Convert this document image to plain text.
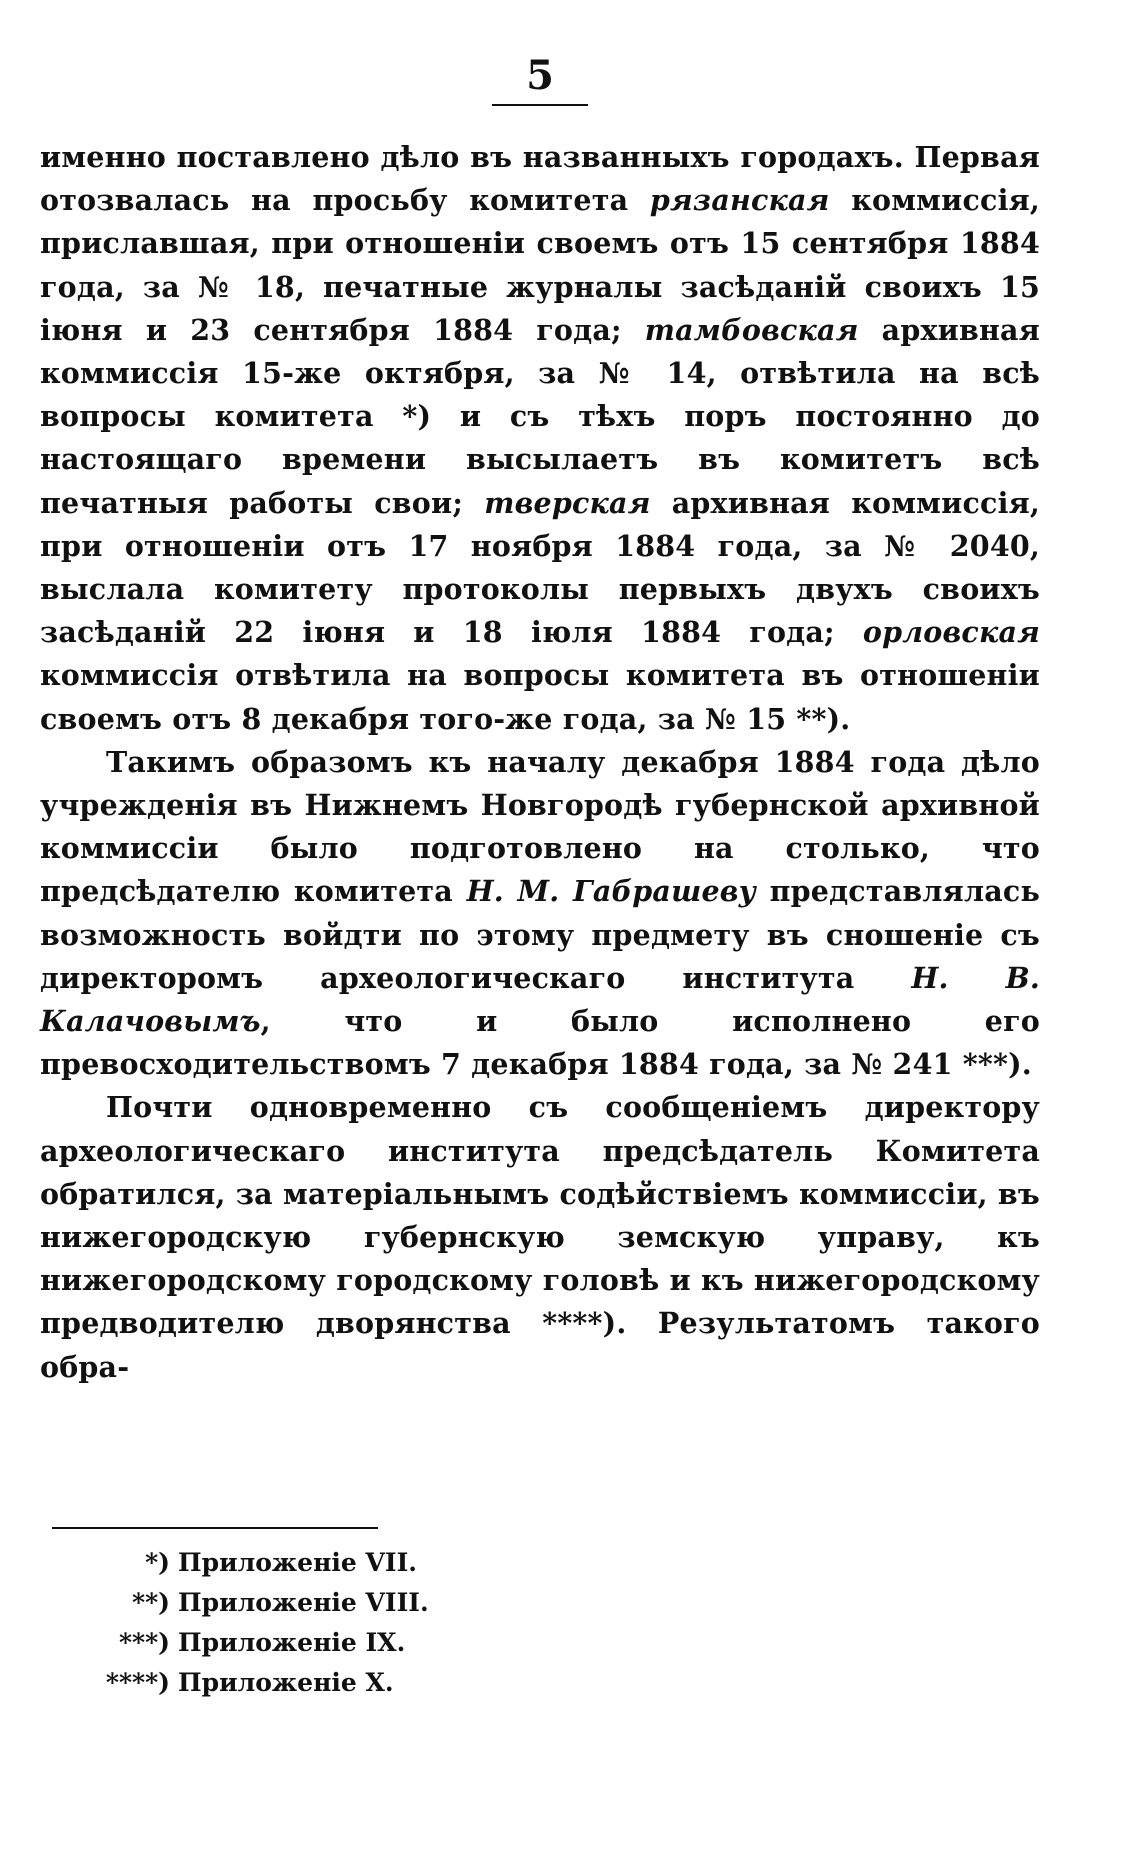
5

именно поставлено дѣло въ названныхъ городахъ. Первая отозвалась на просьбу комитета рязанская коммиссія, приславшая, при отношеніи своемъ отъ 15 сентября 1884 года, за № 18, печатные журналы засѣданій своихъ 15 іюня и 23 сентября 1884 года; тамбовская архивная коммиссія 15-же октября, за № 14, отвѣтила на всѣ вопросы комитета *) и съ тѣхъ поръ постоянно до настоящаго времени высылаетъ въ комитетъ всѣ печатныя работы свои; тверская архивная коммиссія, при отношеніи отъ 17 ноября 1884 года, за № 2040, выслала комитету протоколы первыхъ двухъ своихъ засѣданій 22 іюня и 18 іюля 1884 года; орловская коммиссія отвѣтила на вопросы комитета въ отношеніи своемъ отъ 8 декабря того-же года, за № 15 **).

Такимъ образомъ къ началу декабря 1884 года дѣло учрежденія въ Нижнемъ Новгородѣ губернской архивной коммиссіи было подготовлено на столько, что предсѣдателю комитета Н. М. Габрашеву представлялась возможность войдти по этому предмету въ сношеніе съ директоромъ археологическаго института Н. В. Калачовымъ, что и было исполнено его превосходительствомъ 7 декабря 1884 года, за № 241 ***).

Почти одновременно съ сообщеніемъ директору археологическаго института предсѣдатель Комитета обратился, за матеріальнымъ содѣйствіемъ коммиссіи, въ нижегородскую губернскую земскую управу, къ нижегородскому городскому головѣ и къ нижегородскому предводителю дворянства ****). Результатомъ такого обра-

*) Приложеніе VII.
**) Приложеніе VIII.
***) Приложеніе IX.
****) Приложеніе X.
